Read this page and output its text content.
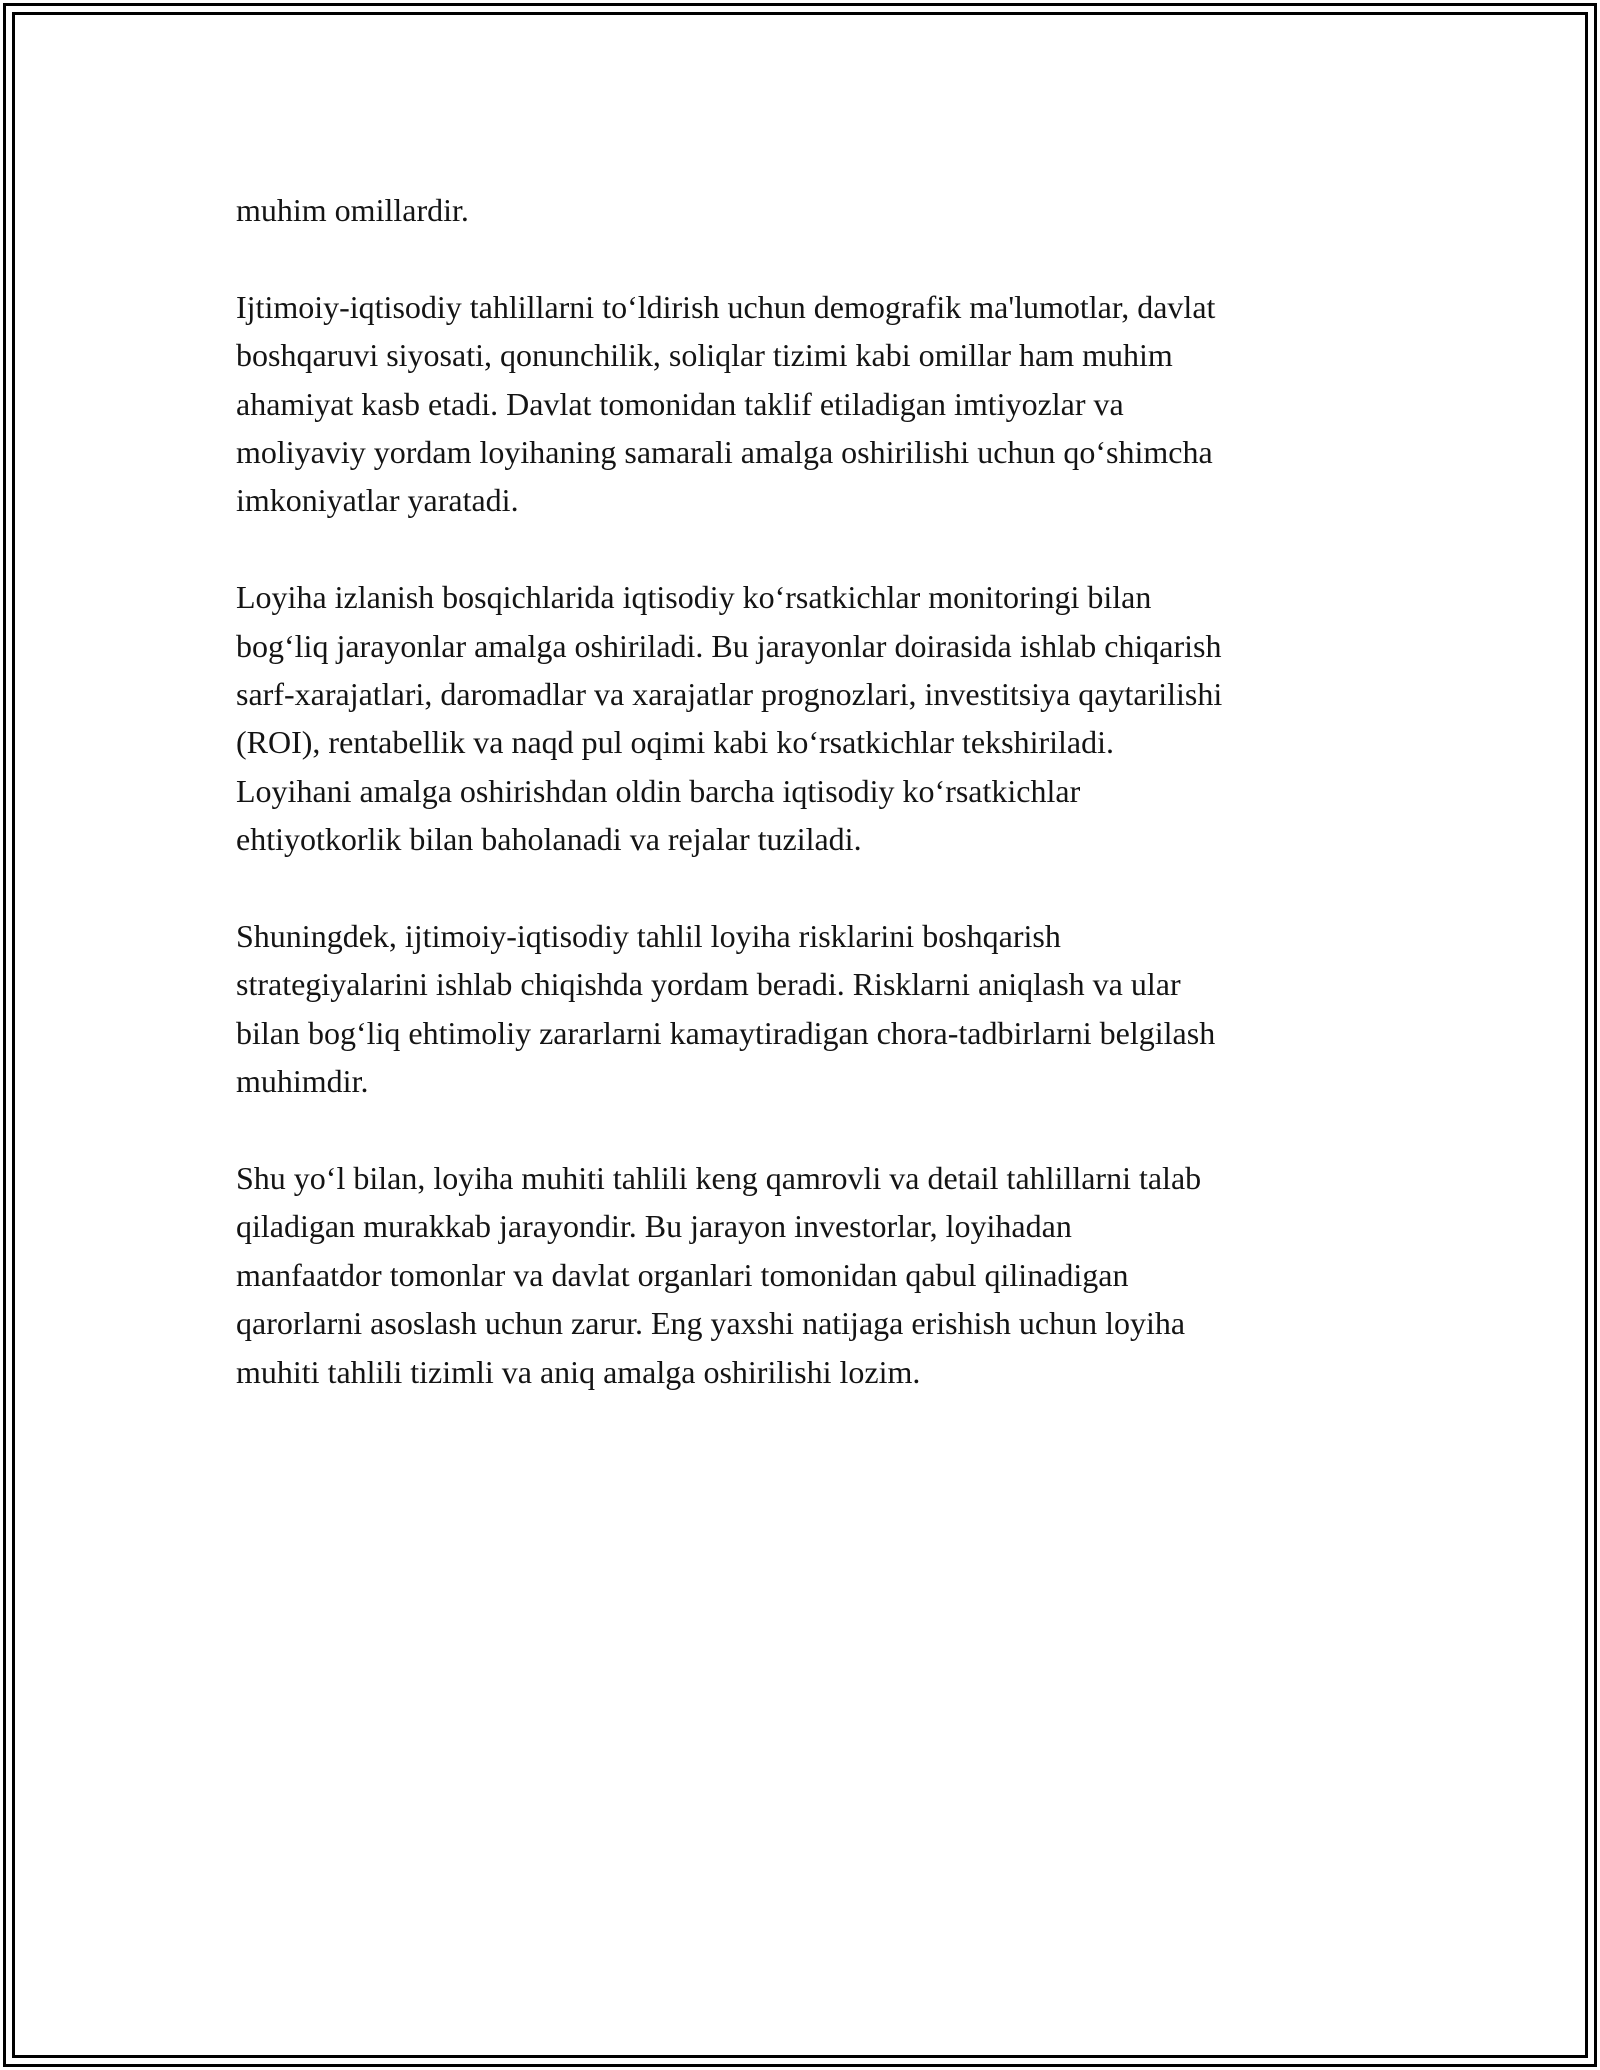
muhim omillardir.

Ijtimoiy-iqtisodiy tahlillarni to‘ldirish uchun demografik ma'lumotlar, davlat
boshqaruvi siyosati, qonunchilik, soliqlar tizimi kabi omillar ham muhim
ahamiyat kasb etadi. Davlat tomonidan taklif etiladigan imtiyozlar va
moliyaviy yordam loyihaning samarali amalga oshirilishi uchun qo‘shimcha
imkoniyatlar yaratadi.

Loyiha izlanish bosqichlarida iqtisodiy ko‘rsatkichlar monitoringi bilan
bog‘liq jarayonlar amalga oshiriladi. Bu jarayonlar doirasida ishlab chiqarish
sarf-xarajatlari, daromadlar va xarajatlar prognozlari, investitsiya qaytarilishi
(ROI), rentabellik va naqd pul oqimi kabi ko‘rsatkichlar tekshiriladi.
Loyihani amalga oshirishdan oldin barcha iqtisodiy ko‘rsatkichlar
ehtiyotkorlik bilan baholanadi va rejalar tuziladi.

Shuningdek, ijtimoiy-iqtisodiy tahlil loyiha risklarini boshqarish
strategiyalarini ishlab chiqishda yordam beradi. Risklarni aniqlash va ular
bilan bog‘liq ehtimoliy zararlarni kamaytiradigan chora-tadbirlarni belgilash
muhimdir.

Shu yo‘l bilan, loyiha muhiti tahlili keng qamrovli va detail tahlillarni talab
qiladigan murakkab jarayondir. Bu jarayon investorlar, loyihadan
manfaatdor tomonlar va davlat organlari tomonidan qabul qilinadigan
qarorlarni asoslash uchun zarur. Eng yaxshi natijaga erishish uchun loyiha
muhiti tahlili tizimli va aniq amalga oshirilishi lozim.
